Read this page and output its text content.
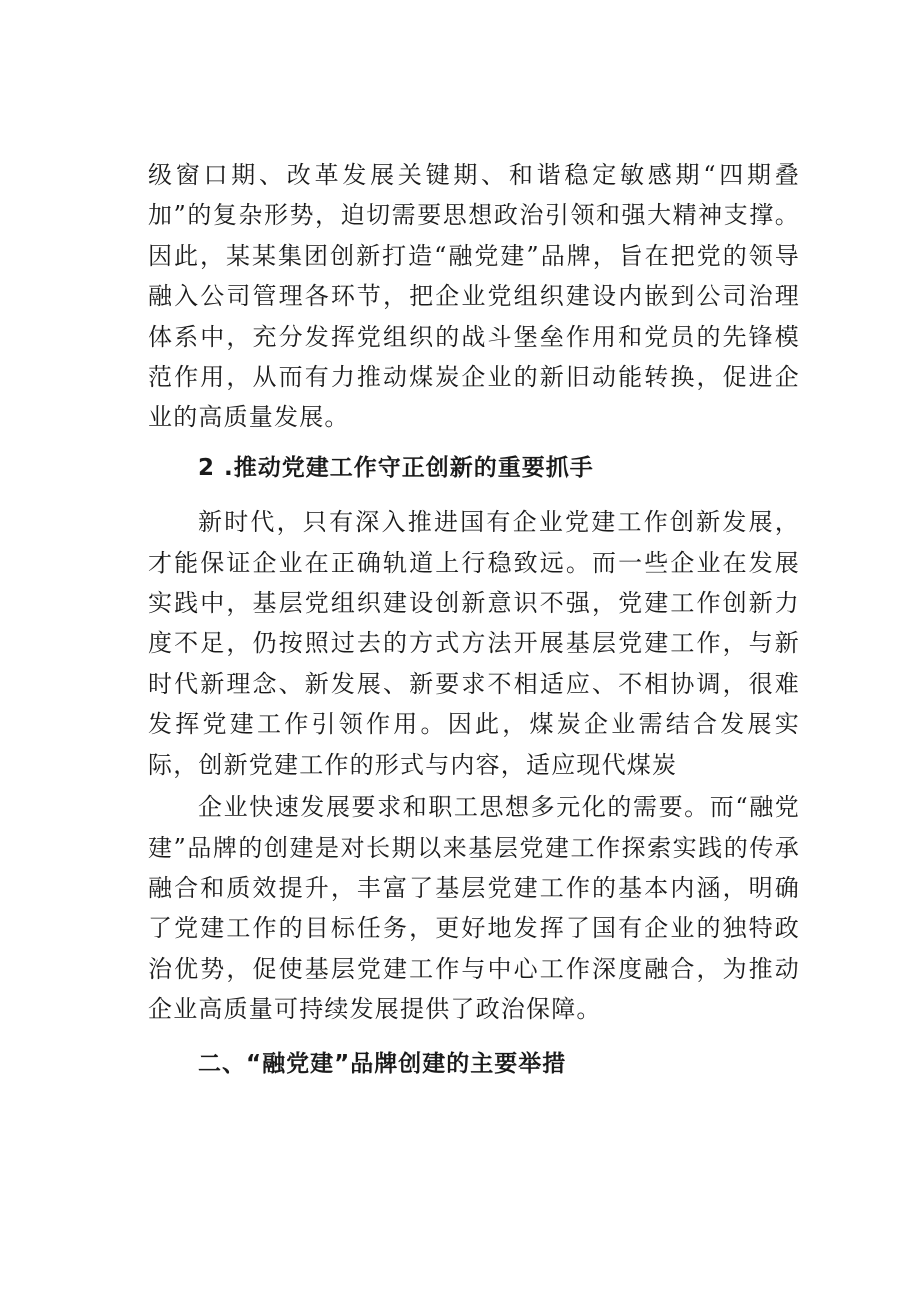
级窗口期、改革发展关键期、和谐稳定敏感期“四期叠加”的复杂形势，迫切需要思想政治引领和强大精神支撑。因此，某某集团创新打造“融党建”品牌，旨在把党的领导融入公司管理各环节，把企业党组织建设内嵌到公司治理体系中，充分发挥党组织的战斗堡垒作用和党员的先锋模范作用，从而有力推动煤炭企业的新旧动能转换，促进企业的高质量发展。

2 .推动党建工作守正创新的重要抓手

新时代，只有深入推进国有企业党建工作创新发展，才能保证企业在正确轨道上行稳致远。而一些企业在发展实践中，基层党组织建设创新意识不强，党建工作创新力度不足，仍按照过去的方式方法开展基层党建工作，与新时代新理念、新发展、新要求不相适应、不相协调，很难发挥党建工作引领作用。因此，煤炭企业需结合发展实际，创新党建工作的形式与内容，适应现代煤炭

企业快速发展要求和职工思想多元化的需要。而“融党建”品牌的创建是对长期以来基层党建工作探索实践的传承融合和质效提升，丰富了基层党建工作的基本内涵，明确了党建工作的目标任务，更好地发挥了国有企业的独特政治优势，促使基层党建工作与中心工作深度融合，为推动企业高质量可持续发展提供了政治保障。

二、“融党建”品牌创建的主要举措
